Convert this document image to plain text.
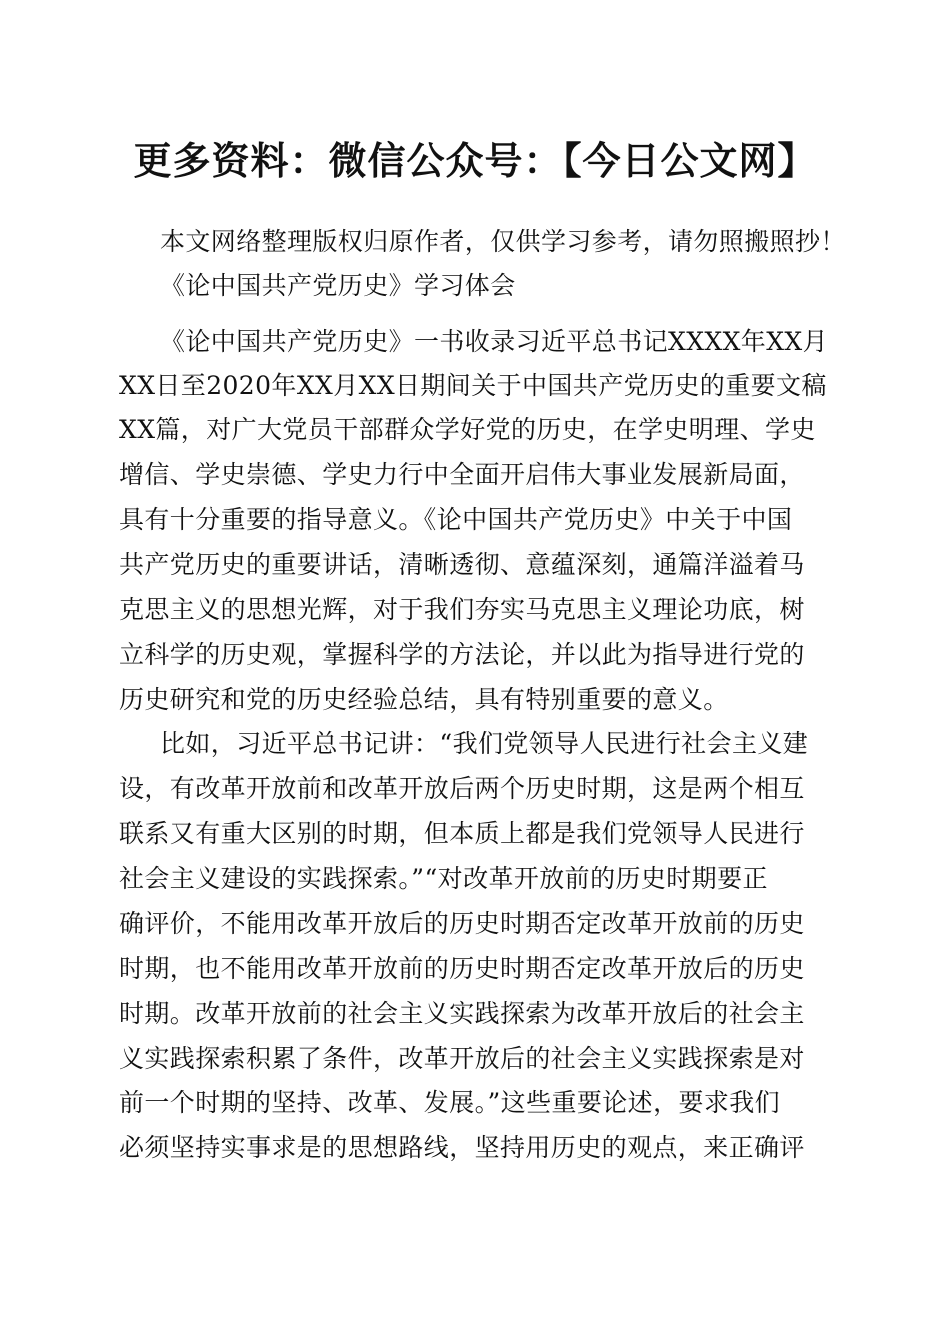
更多资料：微信公众号：【今日公文网】
本文网络整理版权归原作者，仅供学习参考，请勿照搬照抄！
《论中国共产党历史》学习体会
《论中国共产党历史》一书收录习近平总书记XXXX年XX月
XX日至2020年XX月XX日期间关于中国共产党历史的重要文稿
XX篇，对广大党员干部群众学好党的历史，在学史明理、学史
增信、学史崇德、学史力行中全面开启伟大事业发展新局面，
具有十分重要的指导意义。《论中国共产党历史》中关于中国
共产党历史的重要讲话，清晰透彻、意蕴深刻，通篇洋溢着马
克思主义的思想光辉，对于我们夯实马克思主义理论功底，树
立科学的历史观，掌握科学的方法论，并以此为指导进行党的
历史研究和党的历史经验总结，具有特别重要的意义。
比如，习近平总书记讲：“我们党领导人民进行社会主义建
设，有改革开放前和改革开放后两个历史时期，这是两个相互
联系又有重大区别的时期，但本质上都是我们党领导人民进行
社会主义建设的实践探索。”“对改革开放前的历史时期要正
确评价，不能用改革开放后的历史时期否定改革开放前的历史
时期，也不能用改革开放前的历史时期否定改革开放后的历史
时期。改革开放前的社会主义实践探索为改革开放后的社会主
义实践探索积累了条件，改革开放后的社会主义实践探索是对
前一个时期的坚持、改革、发展。”这些重要论述，要求我们
必须坚持实事求是的思想路线，坚持用历史的观点，来正确评
